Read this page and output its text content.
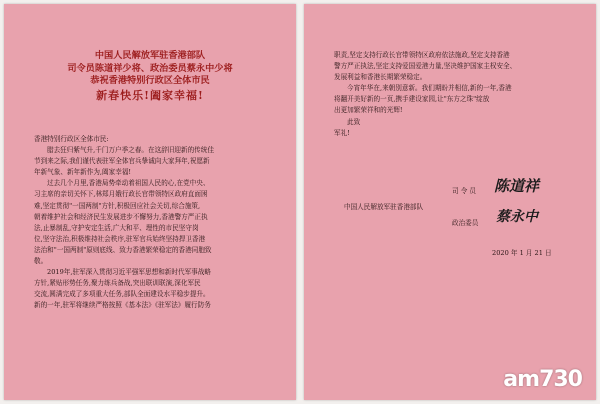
中国人民解放军驻香港部队
司令员陈道祥少将、政治委员蔡永中少将
恭祝香港特别行政区全体市民
新春快乐!阖家幸福!
香港特别行政区全体市民:
腊去狂归紫气升,千门万户季之春。在这辞旧迎新的传统佳
节到来之际,我们谨代表驻军全体官兵挚诚向大家拜年,祝愿新
年新气象、新年新作为,阖家幸福!
过去几个月里,香港局势牵动着祖国人民的心,在党中央、
习主席的亲切关怀下,林郑月娥行政长官带领特区政府直面困
难,坚定贯彻"一国两制"方针,积极回应社会关切,综合施策,
朝着维护社会和经济民生发展进步不懈努力,香港警方严正执
法,止暴制乱,守护安定生活,广大和平、理性的市民坚守岗
位,坚守法治,积极维持社会秩序,驻军官兵始终坚持捍卫香港
法治和"一国两制"原则底线、致力香港繁荣稳定的香港同胞致
敬。
2019年,驻军深入贯彻习近平强军思想和新时代军事战略
方针,紧贴形势任务,聚力练兵备战,突出联训联演,深化军民
交流,圆满完成了多项重大任务,部队全面建设水平稳步提升。
新的一年,驻军将继续严格按照《基本法》《驻军法》履行防务
职责,坚定支持行政长官带领特区政府依法施政,坚定支持香港
警方严正执法,坚定支持爱国爱港力量,坚决维护国家主权安全、
发展利益和香港长期繁荣稳定。
今宵年华在,来朝别意新。我们期盼并相信,新的一年,香港
将翻开美好新的一页,携手建设家园,让"东方之珠"绽放
出更加繁荣祥和的光辉!
此致
军礼!
司 令 员 陈道祥
中国人民解放军驻香港部队
政治委员 蔡永中
2020 年 1 月 21 日
am730
